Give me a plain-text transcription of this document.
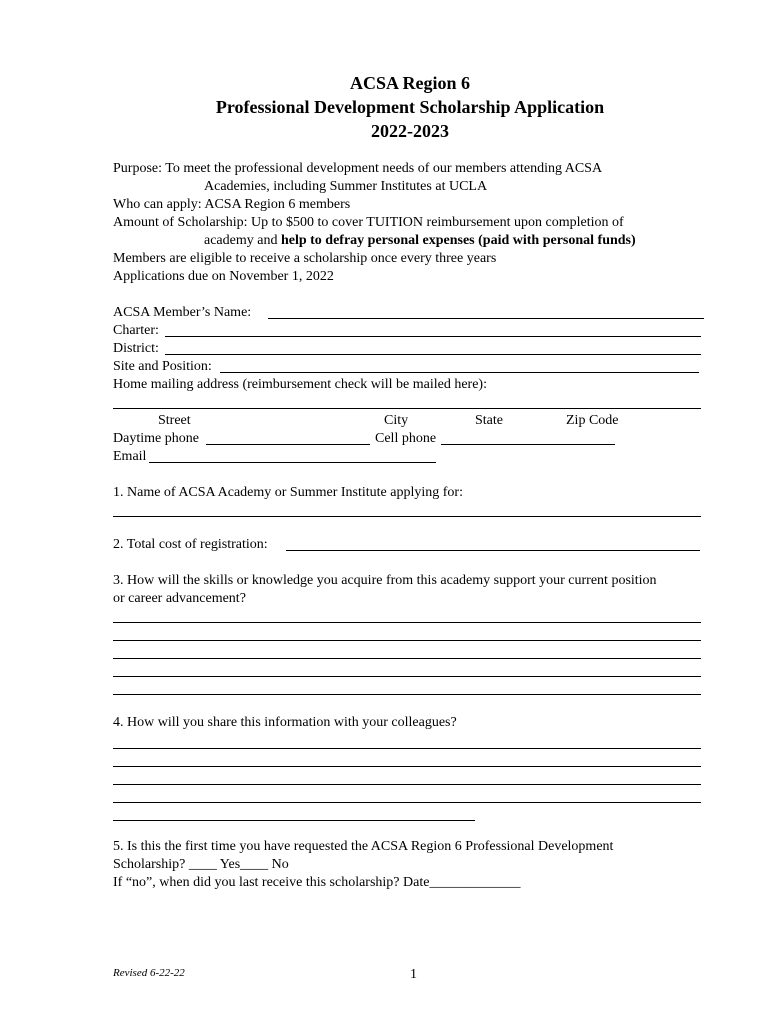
ACSA Region 6
Professional Development Scholarship Application
2022-2023
Purpose: To meet the professional development needs of our members attending ACSA
Academies, including Summer Institutes at UCLA
Who can apply: ACSA Region 6 members
Amount of Scholarship: Up to $500 to cover TUITION reimbursement upon completion of
academy and help to defray personal expenses (paid with personal funds)
Members are eligible to receive a scholarship once every three years
Applications due on November 1, 2022
ACSA Member’s Name:
Charter:
District:
Site and Position:
Home mailing address (reimbursement check will be mailed here):
Street	City	State	Zip Code
Daytime phone	Cell phone
Email
1. Name of ACSA Academy or Summer Institute applying for:
2. Total cost of registration:
3. How will the skills or knowledge you acquire from this academy support your current position
or career advancement?
4. How will you share this information with your colleagues?
5. Is this the first time you have requested the ACSA Region 6 Professional Development
Scholarship? ____ Yes____ No
If “no”, when did you last receive this scholarship? Date_____________
Revised 6-22-22	1
